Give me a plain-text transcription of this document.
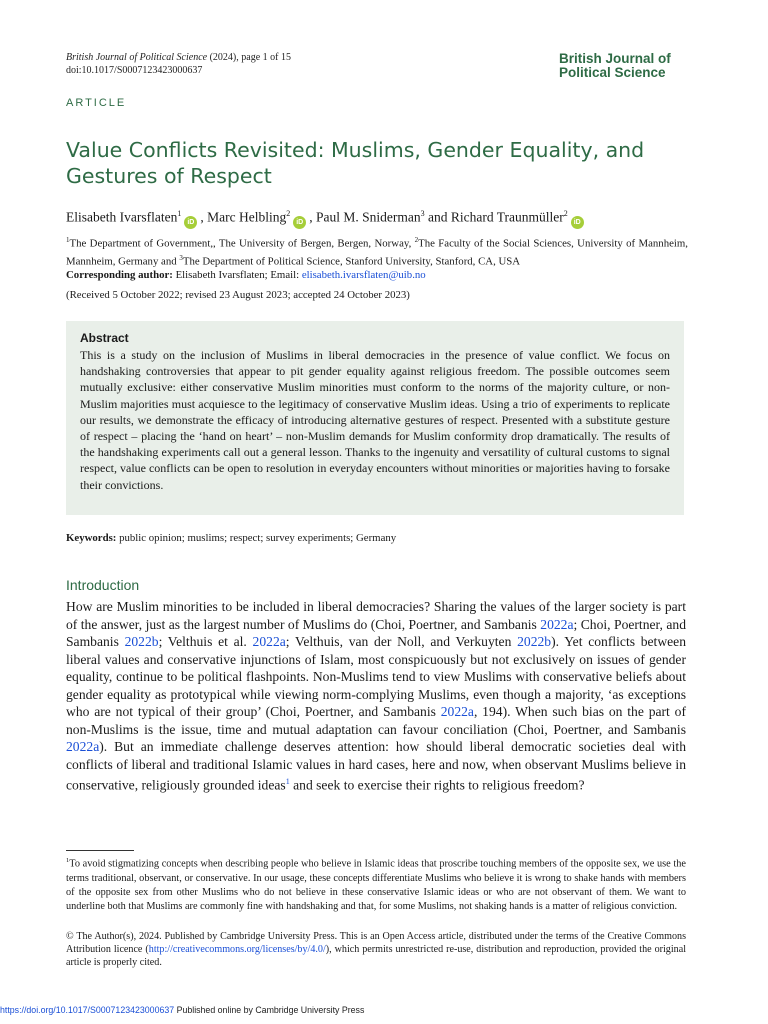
British Journal of Political Science (2024), page 1 of 15
doi:10.1017/S0007123423000637
British Journal of
Political Science
ARTICLE
Value Conflicts Revisited: Muslims, Gender Equality, and Gestures of Respect
Elisabeth Ivarsflaten$^1$iD , Marc Helbling$^2$iD , Paul M. Sniderman$^3$ and Richard Traunmüller$^2$iD
$^1$The Department of Government,, The University of Bergen, Bergen, Norway, $^2$The Faculty of the Social Sciences, University of Mannheim, Mannheim, Germany and $^3$The Department of Political Science, Stanford University, Stanford, CA, USA
Corresponding author: Elisabeth Ivarsflaten; Email: elisabeth.ivarsflaten@uib.no
(Received 5 October 2022; revised 23 August 2023; accepted 24 October 2023)
Abstract
This is a study on the inclusion of Muslims in liberal democracies in the presence of value conflict. We focus on handshaking controversies that appear to pit gender equality against religious freedom. The possible outcomes seem mutually exclusive: either conservative Muslim minorities must conform to the norms of the majority culture, or non-Muslim majorities must acquiesce to the legitimacy of conservative Muslim ideas. Using a trio of experiments to replicate our results, we demonstrate the efficacy of introducing alternative gestures of respect. Presented with a substitute gesture of respect – placing the ‘hand on heart’ – non-Muslim demands for Muslim conformity drop dramatically. The results of the handshaking experiments call out a general lesson. Thanks to the ingenuity and versatility of cultural customs to signal respect, value conflicts can be open to resolution in everyday encounters without minorities or majorities having to forsake their convictions.
Keywords: public opinion; muslims; respect; survey experiments; Germany
Introduction
How are Muslim minorities to be included in liberal democracies? Sharing the values of the larger society is part of the answer, just as the largest number of Muslims do (Choi, Poertner, and Sambanis 2022a; Choi, Poertner, and Sambanis 2022b; Velthuis et al. 2022a; Velthuis, van der Noll, and Verkuyten 2022b). Yet conflicts between liberal values and conservative injunctions of Islam, most conspicuously but not exclusively on issues of gender equality, continue to be political flashpoints. Non-Muslims tend to view Muslims with conservative beliefs about gender equality as prototypical while viewing norm-complying Muslims, even though a majority, ‘as exceptions who are not typical of their group’ (Choi, Poertner, and Sambanis 2022a, 194). When such bias on the part of non-Muslims is the issue, time and mutual adaptation can favour conciliation (Choi, Poertner, and Sambanis 2022a). But an immediate challenge deserves attention: how should liberal democratic societies deal with conflicts of liberal and traditional Islamic values in hard cases, here and now, when observant Muslims believe in conservative, religiously grounded ideas$^1$ and seek to exercise their rights to religious freedom?
$^1$To avoid stigmatizing concepts when describing people who believe in Islamic ideas that proscribe touching members of the opposite sex, we use the terms traditional, observant, or conservative. In our usage, these concepts differentiate Muslims who believe it is wrong to shake hands with members of the opposite sex from other Muslims who do not believe in these conservative Islamic ideas or who are not observant of them. We want to underline both that Muslims are commonly fine with handshaking and that, for some Muslims, not shaking hands is a matter of religious conviction.
© The Author(s), 2024. Published by Cambridge University Press. This is an Open Access article, distributed under the terms of the Creative Commons Attribution licence (http://creativecommons.org/licenses/by/4.0/), which permits unrestricted re-use, distribution and reproduction, provided the original article is properly cited.
https://doi.org/10.1017/S0007123423000637 Published online by Cambridge University Press
